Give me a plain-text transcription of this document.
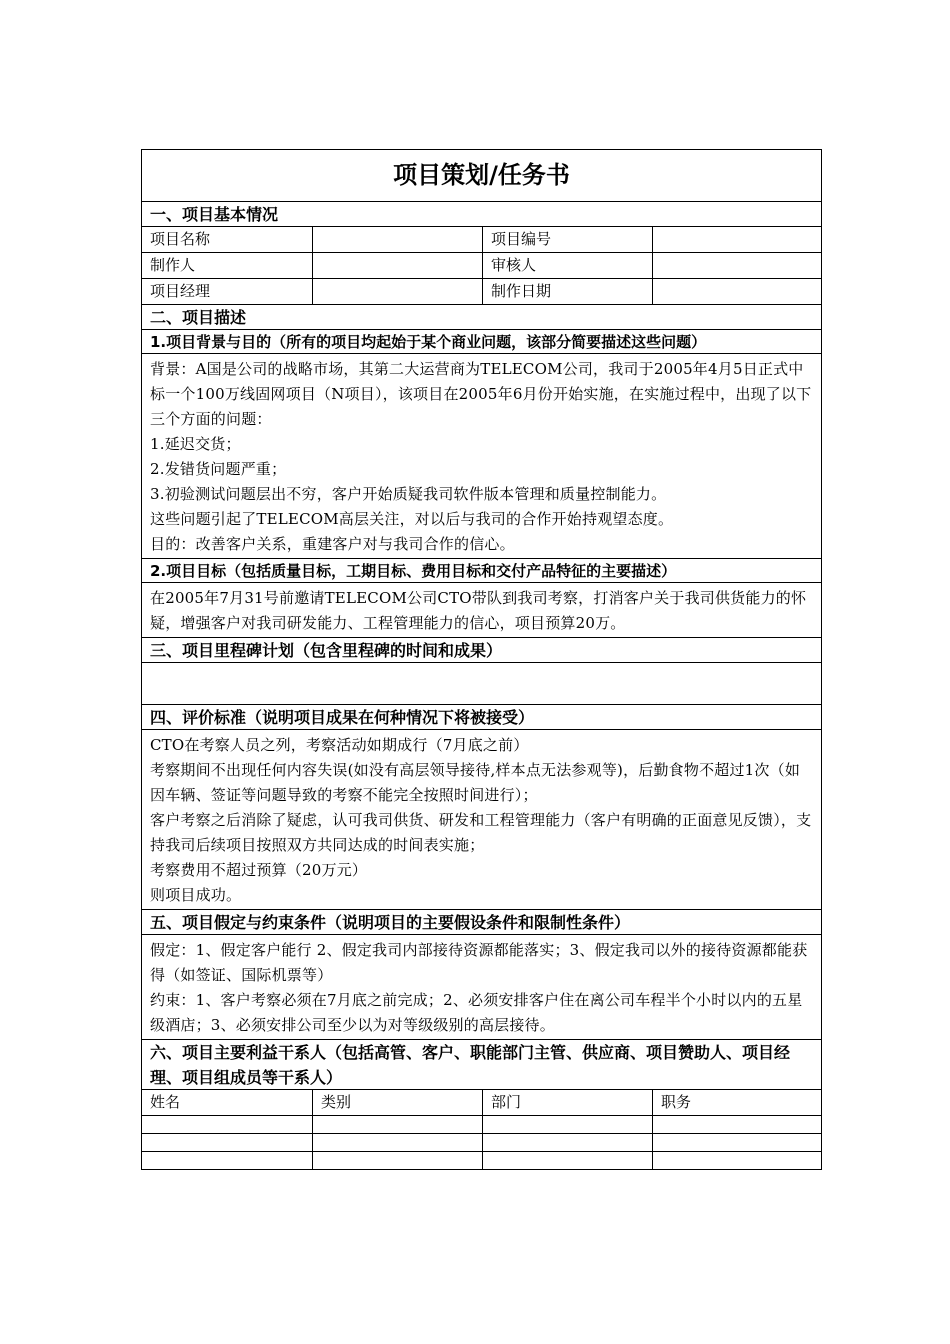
项目策划/任务书
一、项目基本情况
项目名称	项目编号
制作人	审核人
项目经理	制作日期
二、项目描述
1.项目背景与目的（所有的项目均起始于某个商业问题，该部分简要描述这些问题）

背景：A国是公司的战略市场，其第二大运营商为TELECOM公司，我司于2005年4月5日正式中标一个100万线固网项目（N项目），该项目在2005年6月份开始实施，在实施过程中，出现了以下三个方面的问题：

1.延迟交货；

2.发错货问题严重；

3.初验测试问题层出不穷，客户开始质疑我司软件版本管理和质量控制能力。

这些问题引起了TELECOM高层关注，对以后与我司的合作开始持观望态度。

目的：改善客户关系，重建客户对与我司合作的信心。

2.项目目标（包括质量目标，工期目标、费用目标和交付产品特征的主要描述）

在2005年7月31号前邀请TELECOM公司CTO带队到我司考察，打消客户关于我司供货能力的怀疑，增强客户对我司研发能力、工程管理能力的信心，项目预算20万。

三、项目里程碑计划（包含里程碑的时间和成果）
四、评价标准（说明项目成果在何种情况下将被接受）

CTO在考察人员之列，考察活动如期成行（7月底之前）

考察期间不出现任何内容失误(如没有高层领导接待,样本点无法参观等)，后勤食物不超过1次（如因车辆、签证等问题导致的考察不能完全按照时间进行）；

客户考察之后消除了疑虑，认可我司供货、研发和工程管理能力（客户有明确的正面意见反馈），支持我司后续项目按照双方共同达成的时间表实施；

考察费用不超过预算（20万元）

则项目成功。

五、项目假定与约束条件（说明项目的主要假设条件和限制性条件）

假定：1、假定客户能行 2、假定我司内部接待资源都能落实；3、假定我司以外的接待资源都能获得（如签证、国际机票等）

约束：1、客户考察必须在7月底之前完成；2、必须安排客户住在离公司车程半个小时以内的五星级酒店；3、必须安排公司至少以为对等级级别的高层接待。

六、项目主要利益干系人（包括高管、客户、职能部门主管、供应商、项目赞助人、项目经理、项目组成员等干系人）
姓名	类别	部门	职务
